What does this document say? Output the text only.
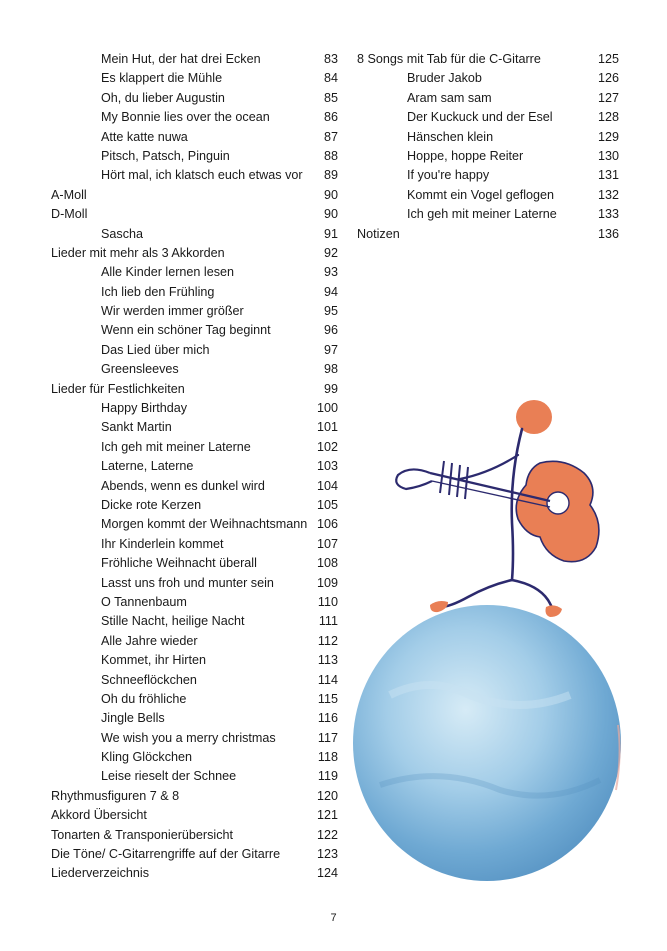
Mein Hut, der hat drei Ecken	83
Es klappert die Mühle	84
Oh, du lieber Augustin	85
My Bonnie lies over the ocean	86
Atte katte nuwa	87
Pitsch, Patsch, Pinguin	88
Hört mal, ich klatsch euch etwas vor 89
A-Moll	90
D-Moll	90
Sascha	91
Lieder mit mehr als 3 Akkorden	92
Alle Kinder lernen lesen	93
Ich lieb den Frühling	94
Wir werden immer größer	95
Wenn ein schöner Tag beginnt	96
Das Lied über mich	97
Greensleeves	98
Lieder für Festlichkeiten	99
Happy Birthday	100
Sankt Martin	101
Ich geh mit meiner Laterne	102
Laterne, Laterne	103
Abends, wenn es dunkel wird	104
Dicke rote Kerzen	105
Morgen kommt der Weihnachtsmann 106
Ihr Kinderlein kommet	107
Fröhliche Weihnacht überall	108
Lasst uns froh und munter sein	109
O Tannenbaum	110
Stille Nacht, heilige Nacht	111
Alle Jahre wieder	112
Kommet, ihr Hirten	113
Schneeflöckchen	114
Oh du fröhliche	115
Jingle Bells	116
We wish you a merry christmas	117
Kling Glöckchen	118
Leise rieselt der Schnee	119
Rhythmusfiguren 7 & 8	120
Akkord Übersicht	121
Tonarten & Transponierübersicht	122
Die Töne/ C-Gitarrengriffe auf der Gitarre	123
Liederverzeichnis	124
8 Songs mit Tab für die C-Gitarre	125
Bruder Jakob	126
Aram sam sam	127
Der Kuckuck und der Esel	128
Hänschen klein	129
Hoppe, hoppe Reiter	130
If you're happy	131
Kommt ein Vogel geflogen	132
Ich geh mit meiner Laterne	133
Notizen	136
7
